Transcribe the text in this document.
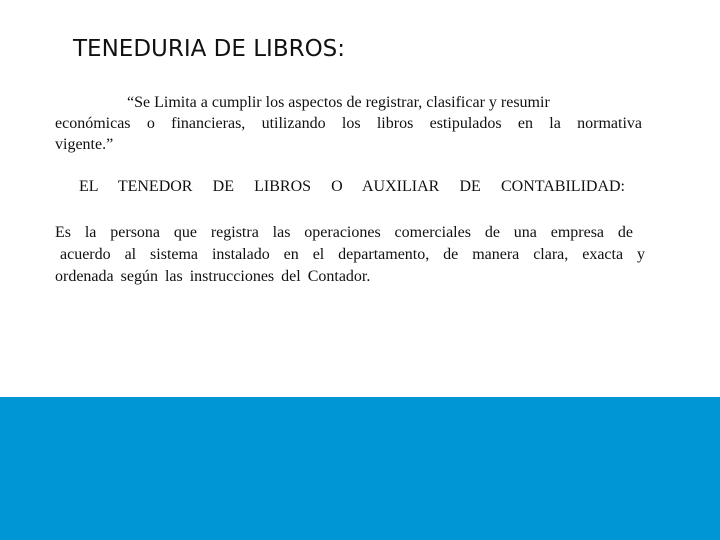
TENEDURIA DE LIBROS:
“Se Limita a cumplir los aspectos de registrar, clasificar y resumir
económicas o financieras, utilizando los libros estipulados en la normativa
vigente.”
EL TENEDOR DE LIBROS O AUXILIAR DE CONTABILIDAD:
Es la persona que registra las operaciones comerciales de una empresa de
acuerdo al sistema instalado en el departamento, de manera clara, exacta y
ordenada según las instrucciones del Contador.
